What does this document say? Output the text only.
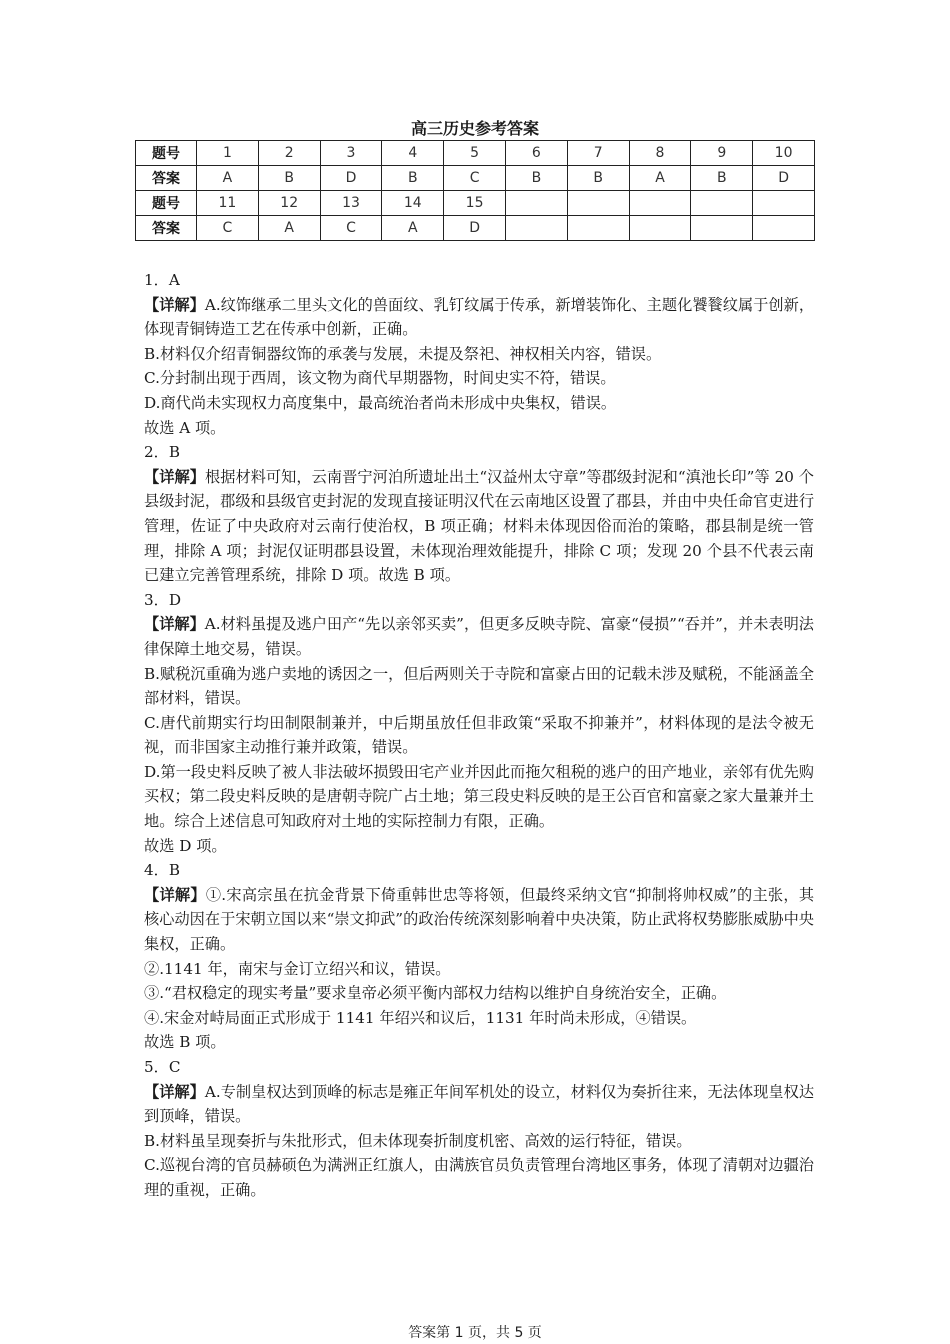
高三历史参考答案
题号	1	2	3	4	5	6	7	8	9	10
答案	A	B	D	B	C	B	B	A	B	D
题号	11	12	13	14	15					
答案	C	A	C	A	D					

1．A

【详解】A.纹饰继承二里头文化的兽面纹、乳钉纹属于传承，新增装饰化、主题化饕餮纹属于创新，体现青铜铸造工艺在传承中创新，正确。

B.材料仅介绍青铜器纹饰的承袭与发展，未提及祭祀、神权相关内容，错误。

C.分封制出现于西周，该文物为商代早期器物，时间史实不符，错误。

D.商代尚未实现权力高度集中，最高统治者尚未形成中央集权，错误。

故选 A 项。

2．B

【详解】根据材料可知，云南晋宁河泊所遗址出土“汉益州太守章”等郡级封泥和“滇池长印”等 20 个县级封泥，郡级和县级官吏封泥的发现直接证明汉代在云南地区设置了郡县，并由中央任命官吏进行管理，佐证了中央政府对云南行使治权，B 项正确；材料未体现因俗而治的策略，郡县制是统一管理，排除 A 项；封泥仅证明郡县设置，未体现治理效能提升，排除 C 项；发现 20 个县不代表云南已建立完善管理系统，排除 D 项。故选 B 项。

3．D

【详解】A.材料虽提及逃户田产“先以亲邻买卖”，但更多反映寺院、富豪“侵损”“吞并”，并未表明法律保障土地交易，错误。

B.赋税沉重确为逃户卖地的诱因之一，但后两则关于寺院和富豪占田的记载未涉及赋税，不能涵盖全部材料，错误。

C.唐代前期实行均田制限制兼并，中后期虽放任但非政策“采取不抑兼并”，材料体现的是法令被无视，而非国家主动推行兼并政策，错误。

D.第一段史料反映了被人非法破坏损毁田宅产业并因此而拖欠租税的逃户的田产地业，亲邻有优先购买权；第二段史料反映的是唐朝寺院广占土地；第三段史料反映的是王公百官和富豪之家大量兼并土地。综合上述信息可知政府对土地的实际控制力有限，正确。

故选 D 项。

4．B

【详解】①.宋高宗虽在抗金背景下倚重韩世忠等将领，但最终采纳文官“抑制将帅权威”的主张，其核心动因在于宋朝立国以来“崇文抑武”的政治传统深刻影响着中央决策，防止武将权势膨胀威胁中央集权，正确。

②.1141 年，南宋与金订立绍兴和议，错误。

③.“君权稳定的现实考量”要求皇帝必须平衡内部权力结构以维护自身统治安全，正确。

④.宋金对峙局面正式形成于 1141 年绍兴和议后，1131 年时尚未形成，④错误。

故选 B 项。

5．C

【详解】A.专制皇权达到顶峰的标志是雍正年间军机处的设立，材料仅为奏折往来，无法体现皇权达到顶峰，错误。

B.材料虽呈现奏折与朱批形式，但未体现奏折制度机密、高效的运行特征，错误。

C.巡视台湾的官员赫硕色为满洲正红旗人，由满族官员负责管理台湾地区事务，体现了清朝对边疆治理的重视，正确。

答案第 1 页，共 5 页
